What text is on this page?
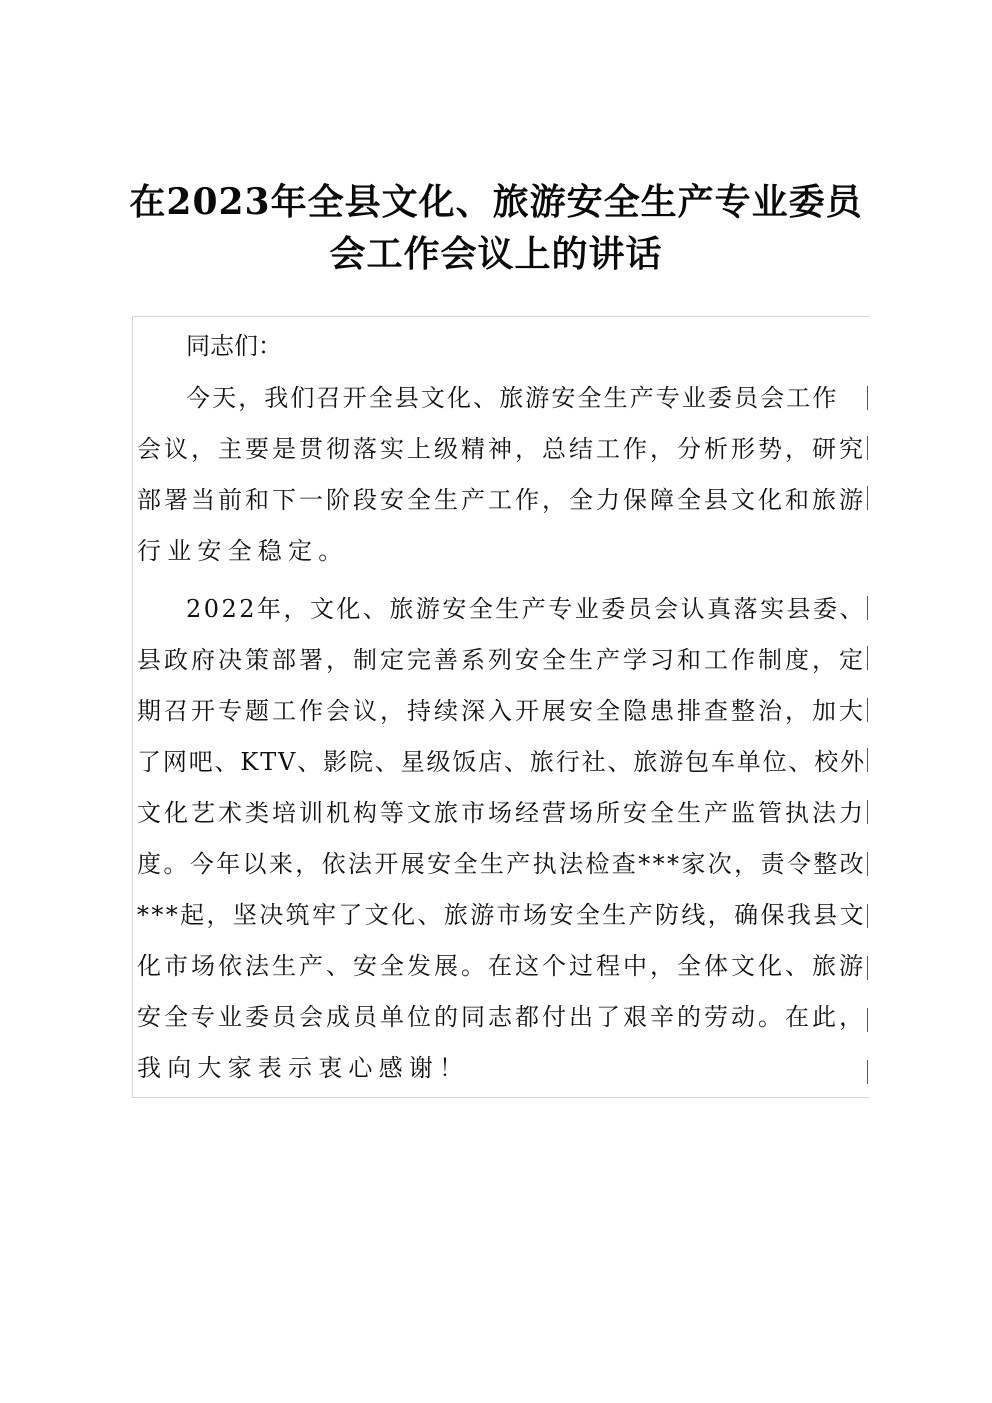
在2023年全县文化、旅游安全生产专业委员
会工作会议上的讲话
同志们：
今天，我们召开全县文化、旅游安全生产专业委员会工作
会议，主要是贯彻落实上级精神，总结工作，分析形势，研究
部署当前和下一阶段安全生产工作，全力保障全县文化和旅游
行业安全稳定。
2022年，文化、旅游安全生产专业委员会认真落实县委、
县政府决策部署，制定完善系列安全生产学习和工作制度，定
期召开专题工作会议，持续深入开展安全隐患排查整治，加大
了网吧、KTV、影院、星级饭店、旅行社、旅游包车单位、校外
文化艺术类培训机构等文旅市场经营场所安全生产监管执法力
度。今年以来，依法开展安全生产执法检查***家次，责令整改
***起，坚决筑牢了文化、旅游市场安全生产防线，确保我县文
化市场依法生产、安全发展。在这个过程中，全体文化、旅游
安全专业委员会成员单位的同志都付出了艰辛的劳动。在此，
我向大家表示衷心感谢！
